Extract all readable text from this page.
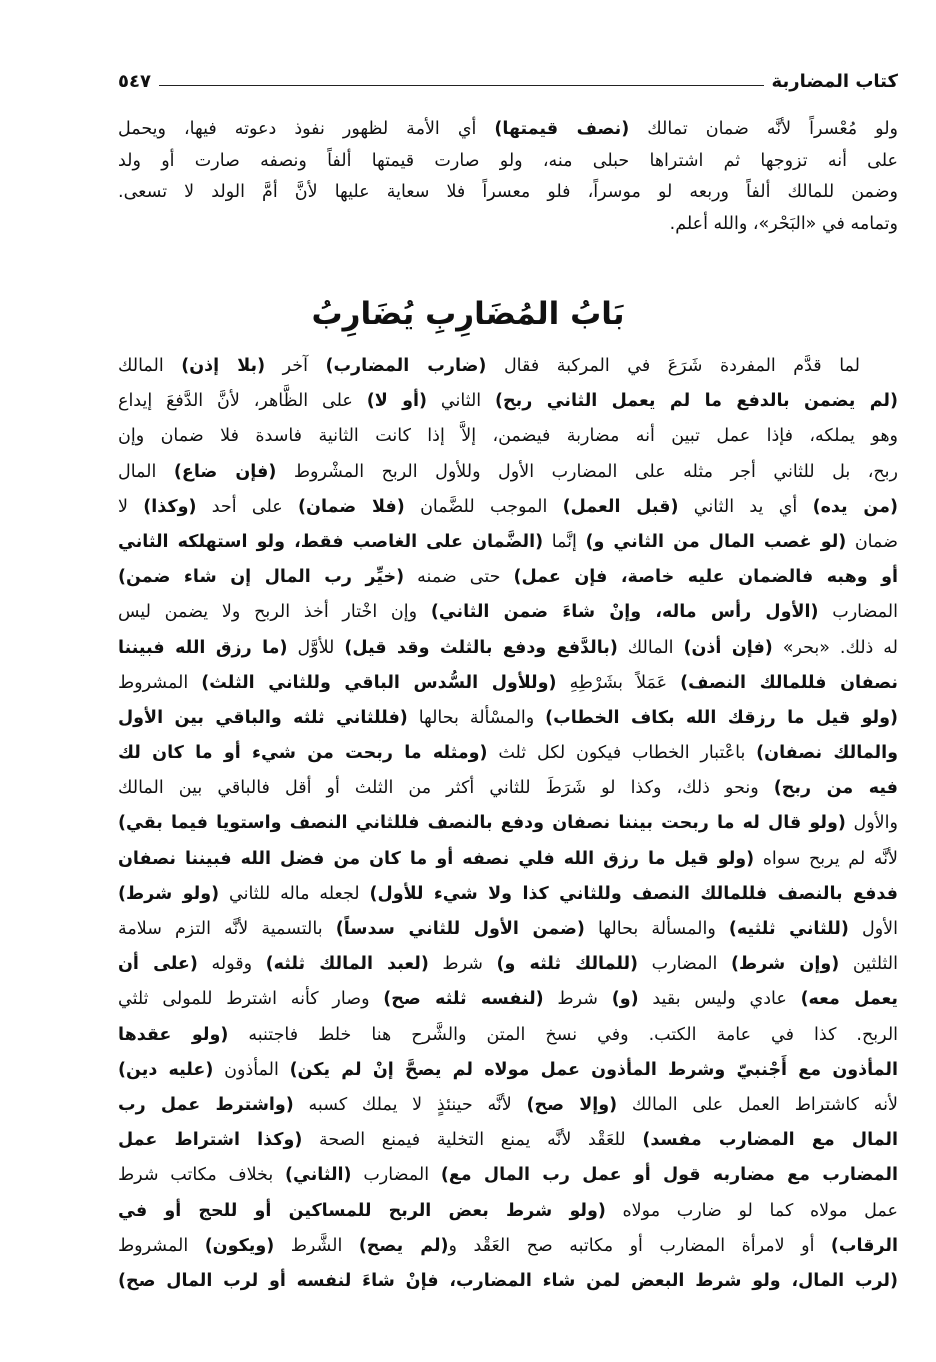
كتاب المضاربة
٥٤٧
ولو مُعْسراً لأنَّه ضمان تمالك (نصف قيمتها) أي الأمة لظهور نفوذ دعوته فيها، ويحمل
على أنه تزوجها ثم اشتراها حبلى منه، ولو صارت قيمتها ألفاً ونصفه صارت أو ولد
وضمن للمالك ألفاً وربعه لو موسراً، فلو معسراً فلا سعاية عليها لأنَّ أمَّ الولد لا تسعى.
وتمامه في «البَحْر»، والله أعلم.
بَابُ المُضَارِبِ يُضَارِبُ
لما قدَّم المفردة شَرَعَ في المركبة فقال (ضارب المضارب) آخر (بلا إذن) المالك
(لم يضمن بالدفع ما لم يعمل الثاني ربح) الثاني (أو لا) على الظَّاهر، لأنَّ الدَّفعَ إيداع
وهو يملكه، فإذا عمل تبين أنه مضاربة فيضمن، إلاَّ إذا كانت الثانية فاسدة فلا ضمان وإن
ربح، بل للثاني أجر مثله على المضارب الأول وللأول الربح المشْروط (فإن ضاع) المال
(من يده) أي يد الثاني (قبل العمل) الموجب للضَّمان (فلا ضمان) على أحد (وكذا) لا
ضمان (لو غصب المال من الثاني و) إنَّما (الضَّمان على الغاصب فقط، ولو استهلكه الثاني
أو وهبه فالضمان عليه خاصة، فإن عمل) حتى ضمنه (خيِّر رب المال إن شاء ضمن)
المضارب (الأول رأس ماله، وإنْ شاءَ ضمن الثاني) وإن اخْتار أخذ الربح ولا يضمن ليس
له ذلك. «بحر» (فإن أذن) المالك (بالدَّفع ودفع بالثلث وقد قيل) للأوَّل (ما رزق الله فبيننا
نصفان فللمالك النصف) عَمَلاً بشَرْطِهِ (وللأول السُّدس الباقي وللثاني الثلث) المشروط
(ولو قيل ما رزقك الله بكاف الخطاب) والمسْألة بحالها (فللثاني ثلثه والباقي بين الأول
والمالك نصفان) باعْتبار الخطاب فيكون لكل ثلث (ومثله ما ربحت من شيء أو ما كان لك
فيه من ربح) ونحو ذلك، وكذا لو شَرَطَ للثاني أكثر من الثلث أو أقل فالباقي بين المالك
والأول (ولو قال له ما ربحت بيننا نصفان ودفع بالنصف فللثاني النصف واستويا فيما بقي)
لأنَّه لم يربح سواه (ولو قيل ما رزق الله فلي نصفه أو ما كان من فضل الله فبيننا نصفان
فدفع بالنصف فللمالك النصف وللثاني كذا ولا شيء للأول) لجعله ماله للثاني (ولو شرط)
الأول (للثاني ثلثيه) والمسألة بحالها (ضمن الأول للثاني سدساً) بالتسمية لأنَّه التزم سلامة
الثلثين (وإن شرط) المضارب (للمالك ثلثه و) شرط (لعبد المالك ثلثه) وقوله (على أن
يعمل معه) عادي وليس بقيد (و) شرط (لنفسه ثلثه صح) وصار كأنه اشترط للمولى ثلثي
الربح. كذا في عامة الكتب. وفي نسخ المتن والشَّرح هنا خلط فاجتنبه (ولو عقدها
المأذون مع أَجْنبيّ وشرط المأذون عمل مولاه لم يصحَّ إنْ لم يكن) المأذون (عليه دين)
لأنه كاشتراط العمل على المالك (وإلا صح) لأنَّه حينئذٍ لا يملك كسبه (واشترط عمل رب
المال مع المضارب مفسد) للعَقْد لأنَّه يمنع التخلية فيمنع الصحة (وكذا اشتراط عمل
المضارب مع مضاربه قول أو عمل رب المال مع) المضارب (الثاني) بخلاف مكاتب شرط
عمل مولاه كما لو ضارب مولاه (ولو شرط بعض الربح للمساكين أو للحج أو في
الرقاب) أو لامرأة المضارب أو مكاتبه صح العَقْد و(لم يصح) الشَّرط (ويكون) المشروط
(لرب المال، ولو شرط البعض لمن شاء المضارب، فإنْ شاءَ لنفسه أو لرب المال صح)
